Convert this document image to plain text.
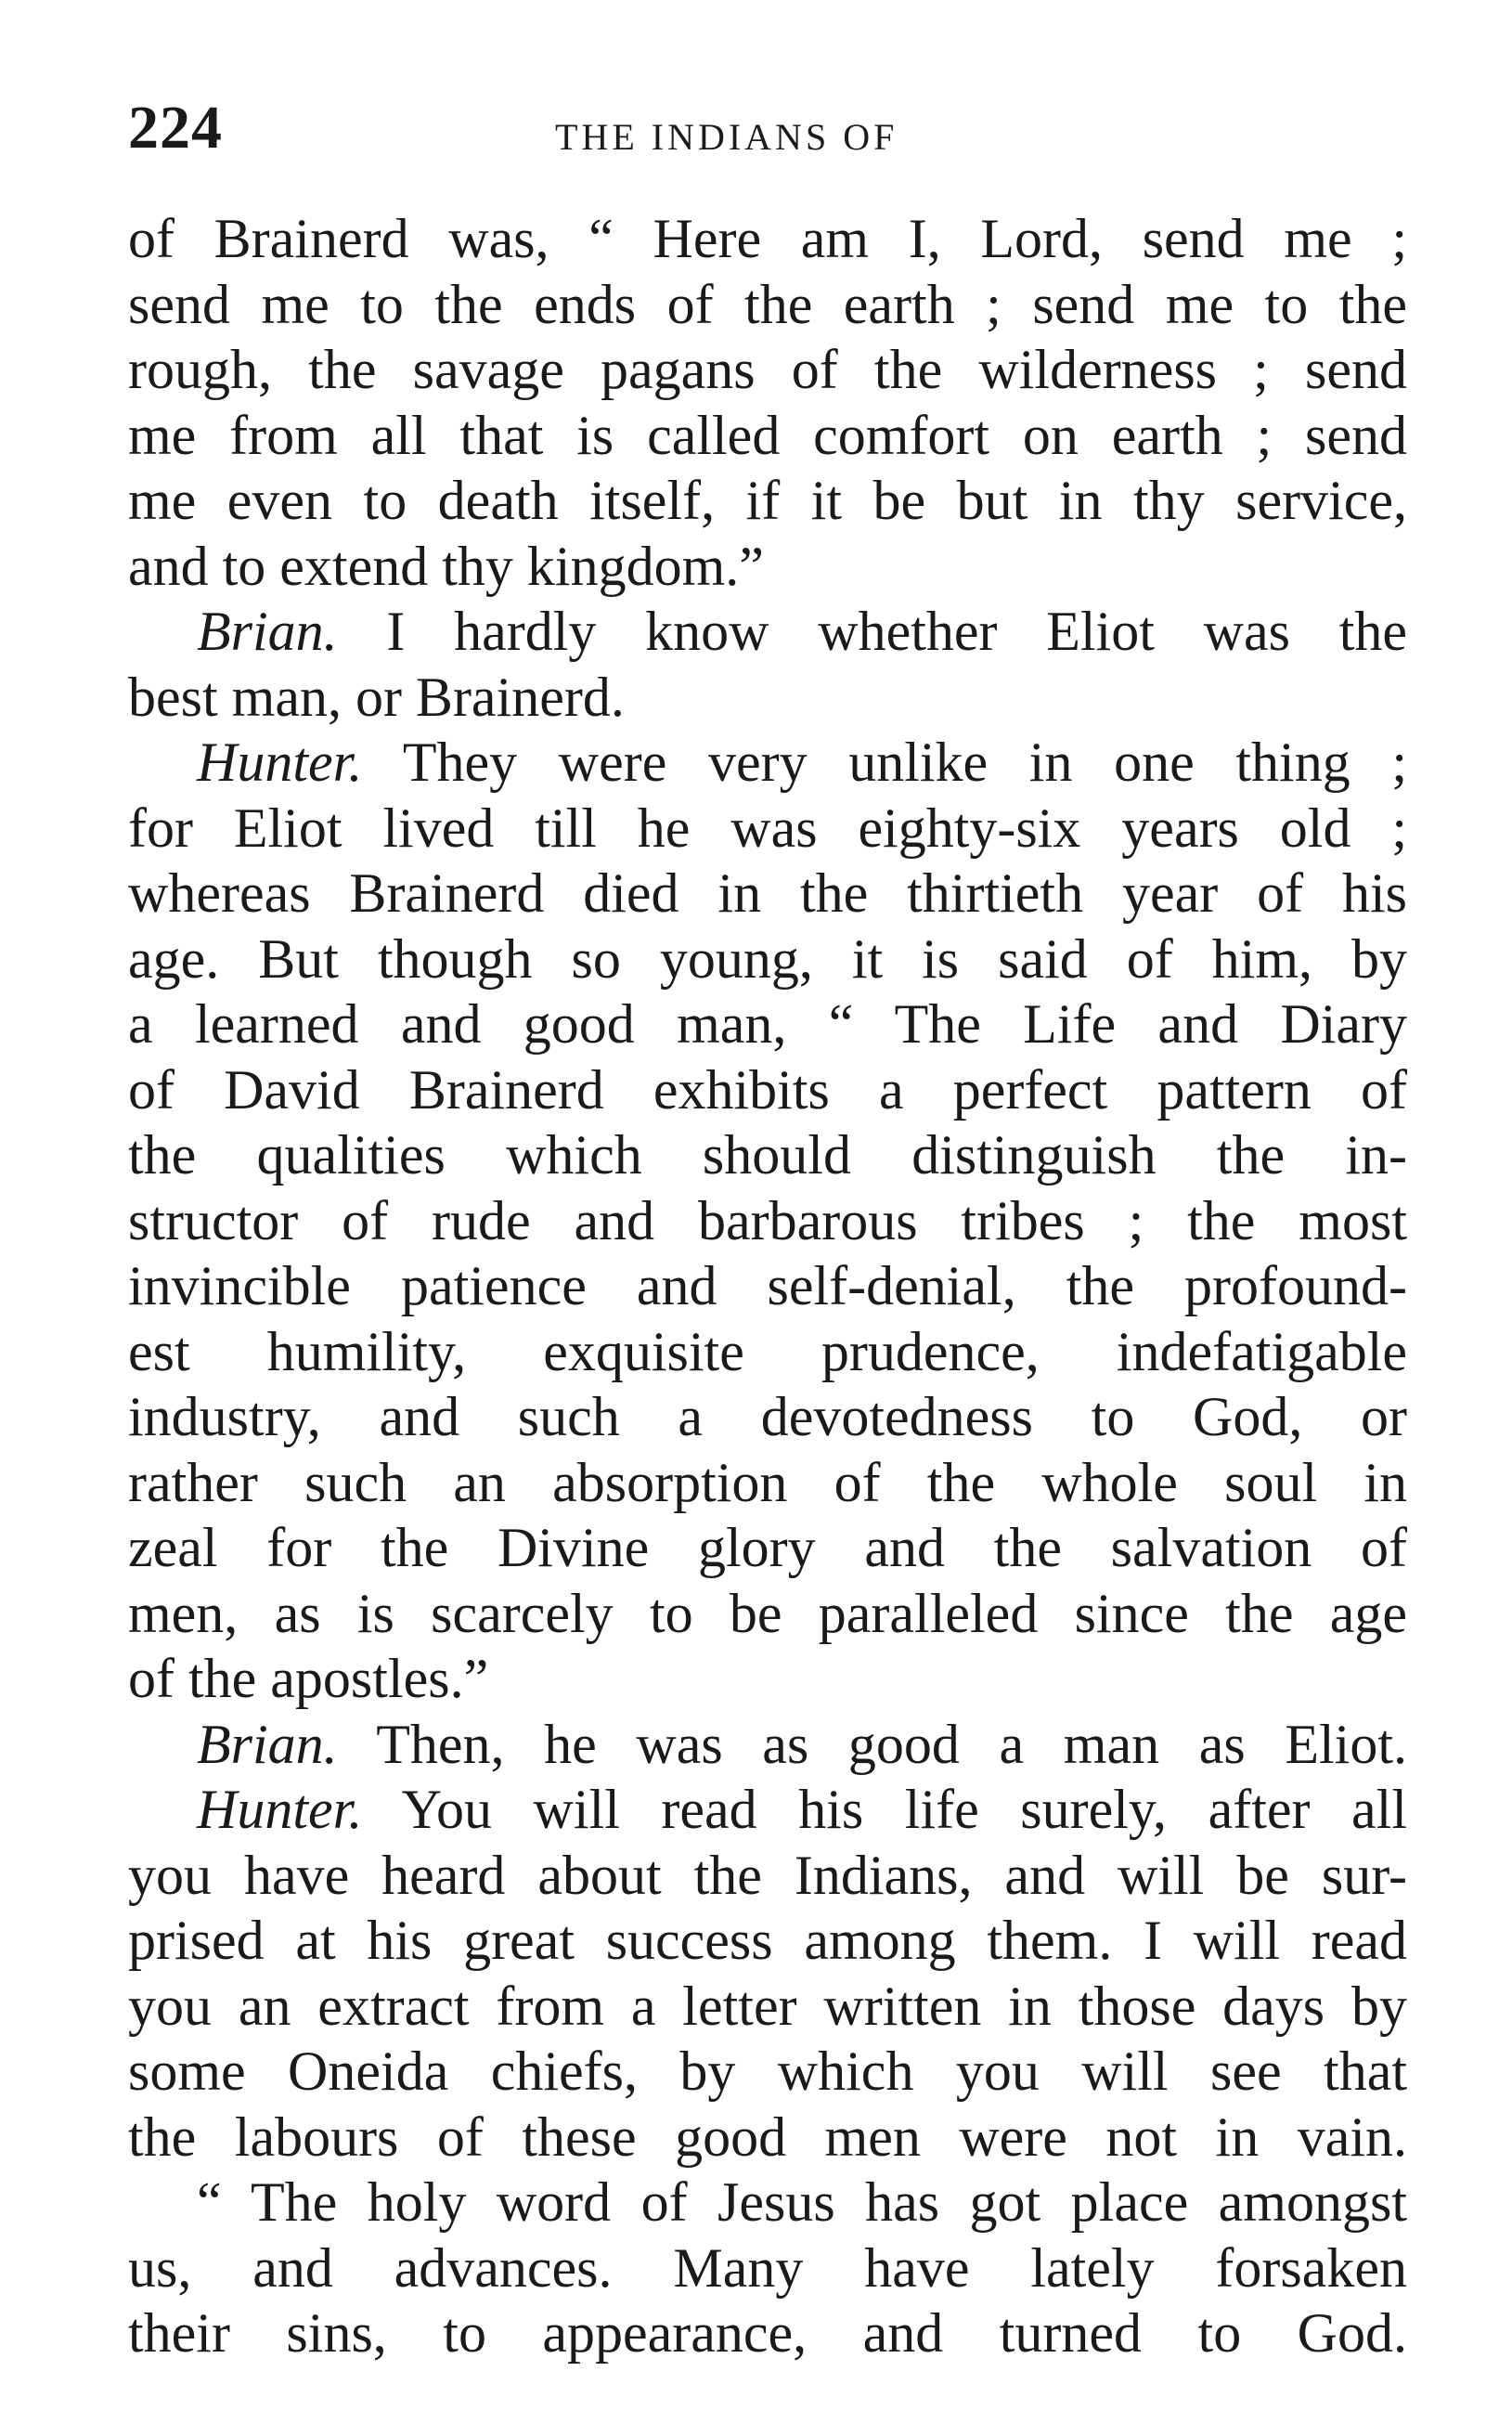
224	THE INDIANS OF
of Brainerd was, “ Here am I, Lord, send me ;
send me to the ends of the earth ; send me to the
rough, the savage pagans of the wilderness ; send
me from all that is called comfort on earth ; send
me even to death itself, if it be but in thy service,
and to extend thy kingdom.”
Brian. I hardly know whether Eliot was the
best man, or Brainerd.
Hunter. They were very unlike in one thing ;
for Eliot lived till he was eighty-six years old ;
whereas Brainerd died in the thirtieth year of his
age. But though so young, it is said of him, by
a learned and good man, “ The Life and Diary
of David Brainerd exhibits a perfect pattern of
the qualities which should distinguish the in-
structor of rude and barbarous tribes ; the most
invincible patience and self-denial, the profound-
est humility, exquisite prudence, indefatigable
industry, and such a devotedness to God, or
rather such an absorption of the whole soul in
zeal for the Divine glory and the salvation of
men, as is scarcely to be paralleled since the age
of the apostles.”
Brian. Then, he was as good a man as Eliot.
Hunter. You will read his life surely, after all
you have heard about the Indians, and will be sur-
prised at his great success among them. I will read
you an extract from a letter written in those days by
some Oneida chiefs, by which you will see that
the labours of these good men were not in vain.
“ The holy word of Jesus has got place amongst
us, and advances. Many have lately forsaken
their sins, to appearance, and turned to God.
